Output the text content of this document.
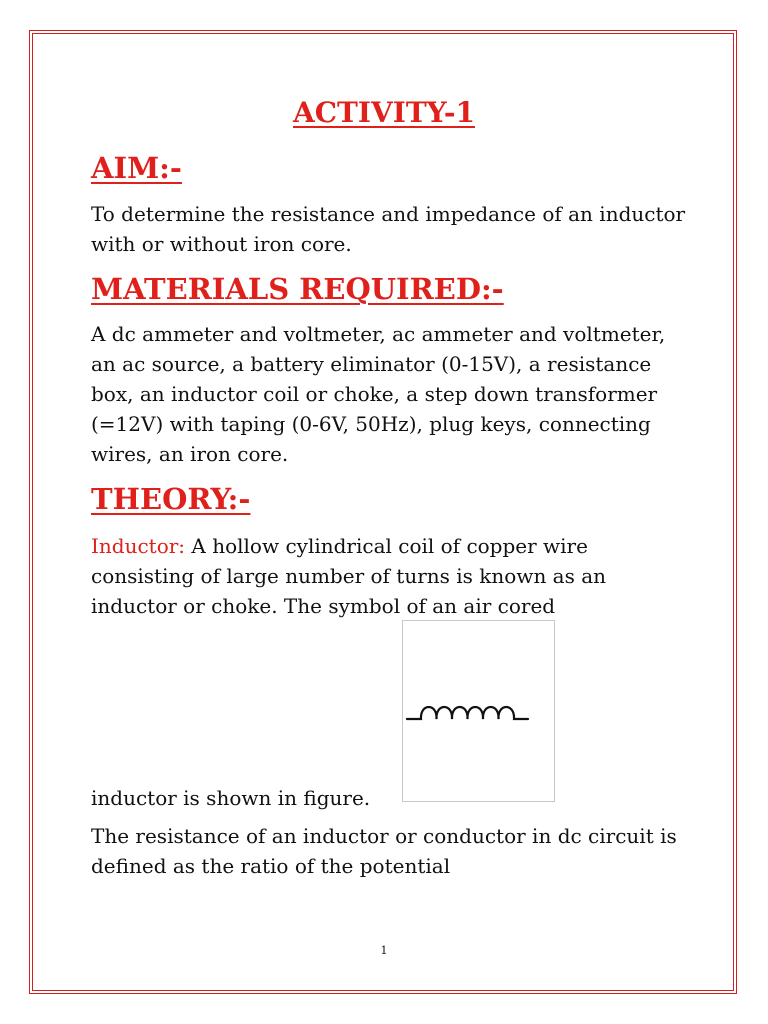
ACTIVITY-1
AIM:-

To determine the resistance and impedance of an inductor with or without iron core.

MATERIALS REQUIRED:-

A dc ammeter and voltmeter, ac ammeter and voltmeter, an ac source, a battery eliminator (0-15V), a resistance box, an inductor coil or choke, a step down transformer (=12V) with taping (0-6V, 50Hz), plug keys, connecting wires, an iron core.

THEORY:-

Inductor: A hollow cylindrical coil of copper wire consisting of large number of turns is known as an inductor or choke. The symbol of an air cored

inductor is shown in figure.

The resistance of an inductor or conductor in dc circuit is defined as the ratio of the potential

1
